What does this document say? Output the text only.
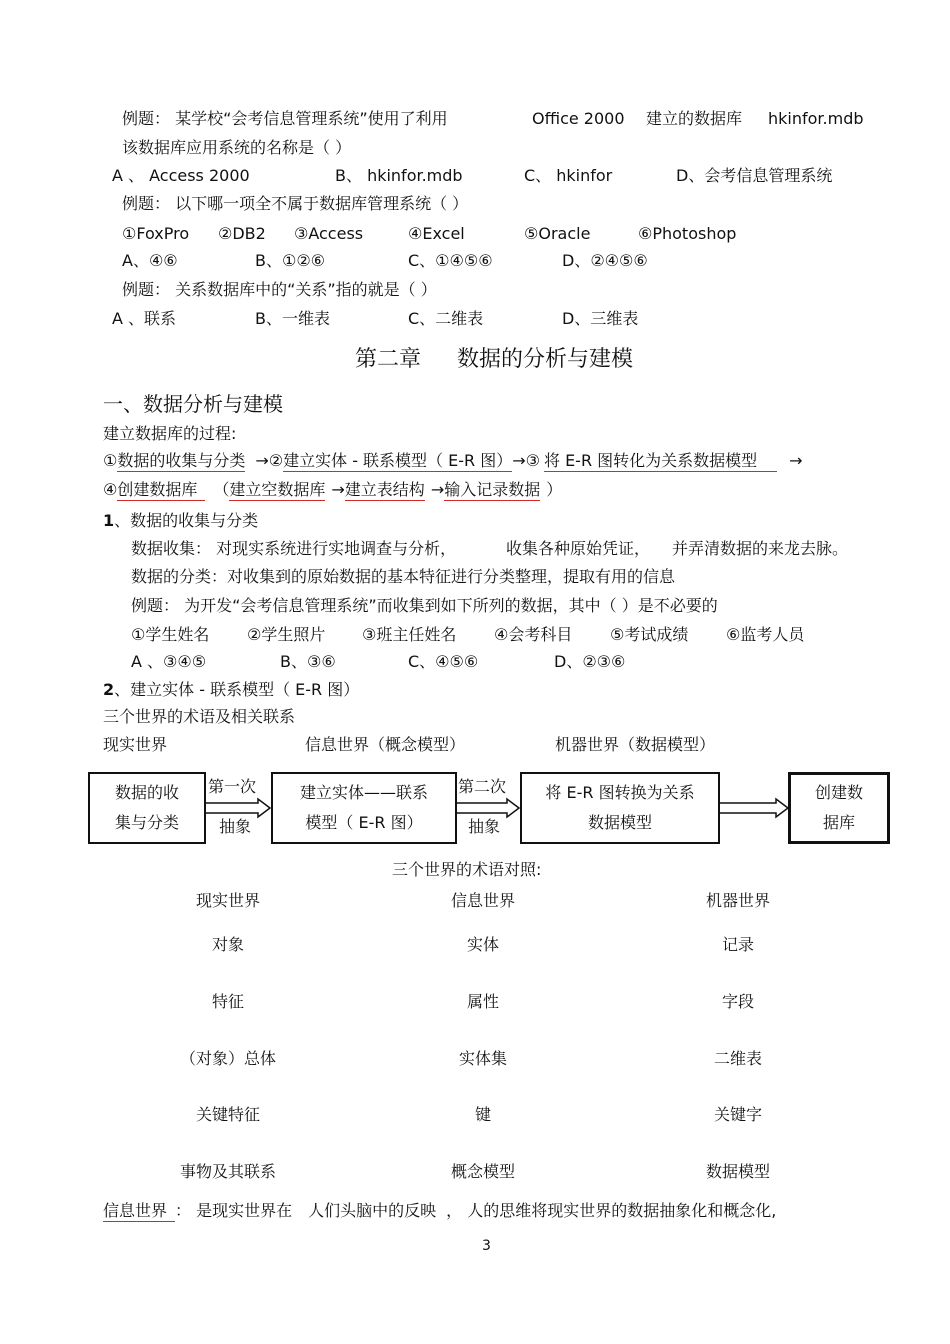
例题： 某学校“会考信息管理系统”使用了利用	Office 2000 建立的数据库 hkinfor.mdb
该数据库应用系统的名称是（ ）
A 、 Access 2000	B、 hkinfor.mdb	C、 hkinfor	D、会考信息管理系统
例题： 以下哪一项全不属于数据库管理系统（ ）
①FoxPro ②DB2 ③Access	④Excel	⑤Oracle	⑥Photoshop
A、④⑥	B、①②⑥	C、①④⑤⑥	D、②④⑤⑥
例题： 关系数据库中的“关系”指的就是（ ）
A 、联系	B、一维表	C、二维表	D、三维表
第二章 数据的分析与建模
一、数据分析与建模
建立数据库的过程:
①数据的收集与分类 →②建立实体 - 联系模型（ E-R 图）→③ 将 E-R 图转化为关系数据模型 →
④创建数据库 （建立空数据库 →建立表结构 →输入记录数据 ）
1、数据的收集与分类
数据收集： 对现实系统进行实地调查与分析，	收集各种原始凭证， 并弄清数据的来龙去脉。
数据的分类：对收集到的原始数据的基本特征进行分类整理，提取有用的信息
例题： 为开发“会考信息管理系统”而收集到如下所列的数据，其中（ ）是不必要的
①学生姓名 ②学生照片 ③班主任姓名 ④会考科目 ⑤考试成绩 ⑥监考人员
A 、③④⑤	B、③⑥	C、④⑤⑥	D、②③⑥
2、建立实体 - 联系模型（ E-R 图）
三个世界的术语及相关联系
现实世界	信息世界（概念模型）	机器世界（数据模型）
数据的收
集与分类
第一次
抽象
建立实体——联系
模型（ E-R 图）
第二次
抽象
将 E-R 图转换为关系
数据模型
创建数
据库
三个世界的术语对照:
现实世界	信息世界	机器世界
对象	实体	记录
特征	属性	字段
（对象）总体	实体集	二维表
关键特征	键	关键字
事物及其联系	概念模型	数据模型
信息世界 ： 是现实世界在 人们头脑中的反映 ， 人的思维将现实世界的数据抽象化和概念化,
3
